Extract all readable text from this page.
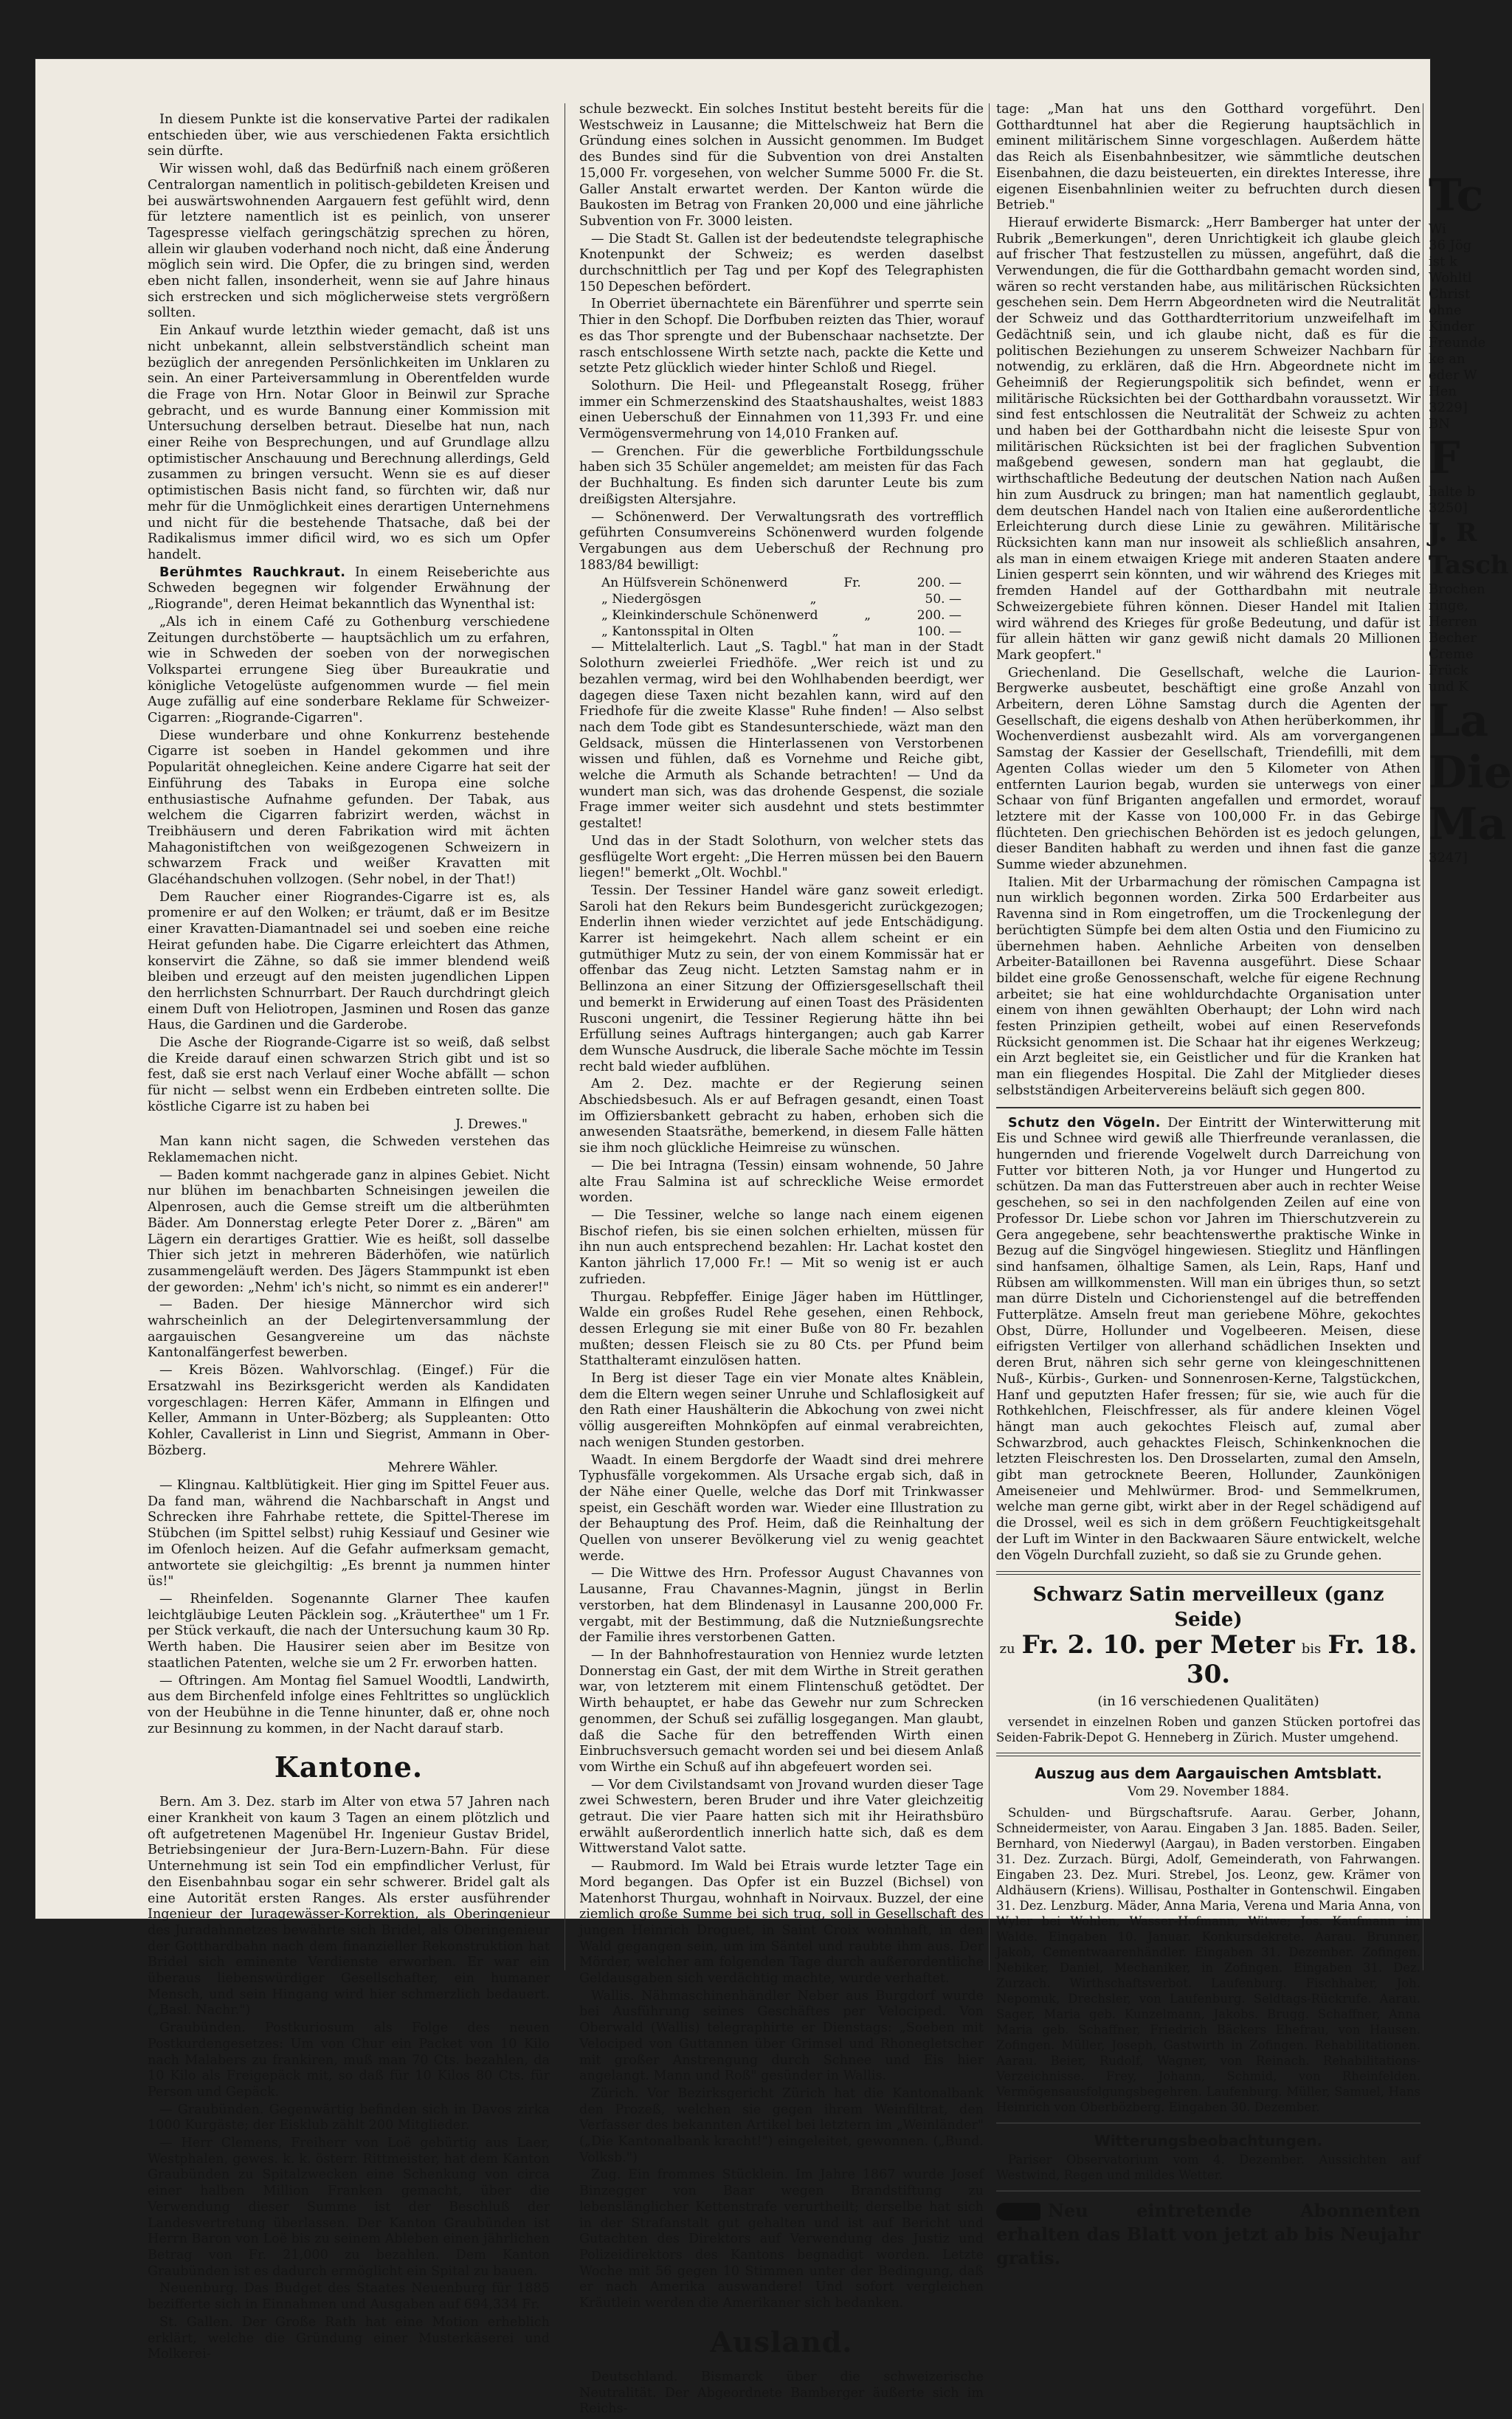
In diesem Punkte ist die konservative Partei der radikalen entschieden über, wie aus verschiedenen Fakta ersichtlich sein dürfte.

Wir wissen wohl, daß das Bedürfniß nach einem größeren Centralorgan namentlich in politisch-gebildeten Kreisen und bei auswärtswohnenden Aargauern fest gefühlt wird, denn für letztere namentlich ist es peinlich, von unserer Tagespresse vielfach geringschätzig sprechen zu hören, allein wir glauben voderhand noch nicht, daß eine Änderung möglich sein wird. Die Opfer, die zu bringen sind, werden eben nicht fallen, insonderheit, wenn sie auf Jahre hinaus sich erstrecken und sich möglicherweise stets vergrößern sollten.

Ein Ankauf wurde letzthin wieder gemacht, daß ist uns nicht unbekannt, allein selbstverständlich scheint man bezüglich der anregenden Persönlichkeiten im Unklaren zu sein. An einer Parteiversammlung in Oberentfelden wurde die Frage von Hrn. Notar Gloor in Beinwil zur Sprache gebracht, und es wurde Bannung einer Kommission mit Untersuchung derselben betraut. Dieselbe hat nun, nach einer Reihe von Besprechungen, und auf Grundlage allzu optimistischer Anschauung und Berechnung allerdings, Geld zusammen zu bringen versucht. Wenn sie es auf dieser optimistischen Basis nicht fand, so fürchten wir, daß nur mehr für die Unmöglichkeit eines derartigen Unternehmens und nicht für die bestehende Thatsache, daß bei der Radikalismus immer dificil wird, wo es sich um Opfer handelt.

Berühmtes Rauchkraut. In einem Reiseberichte aus Schweden begegnen wir folgender Erwähnung der „Riogrande", deren Heimat bekanntlich das Wynenthal ist:

„Als ich in einem Café zu Gothenburg verschiedene Zeitungen durchstöberte — hauptsächlich um zu erfahren, wie in Schweden der soeben von der norwegischen Volkspartei errungene Sieg über Bureaukratie und königliche Vetogelüste aufgenommen wurde — fiel mein Auge zufällig auf eine sonderbare Reklame für Schweizer-Cigarren: „Riogrande-Cigarren".

Diese wunderbare und ohne Konkurrenz bestehende Cigarre ist soeben in Handel gekommen und ihre Popularität ohnegleichen. Keine andere Cigarre hat seit der Einführung des Tabaks in Europa eine solche enthusiastische Aufnahme gefunden. Der Tabak, aus welchem die Cigarren fabrizirt werden, wächst in Treibhäusern und deren Fabrikation wird mit ächten Mahagonistiftchen von weißgezogenen Schweizern in schwarzem Frack und weißer Kravatten mit Glacéhandschuhen vollzogen. (Sehr nobel, in der That!)

Dem Raucher einer Riograndes-Cigarre ist es, als promenire er auf den Wolken; er träumt, daß er im Besitze einer Kravatten-Diamantnadel sei und soeben eine reiche Heirat gefunden habe. Die Cigarre erleichtert das Athmen, konservirt die Zähne, so daß sie immer blendend weiß bleiben und erzeugt auf den meisten jugendlichen Lippen den herrlichsten Schnurrbart. Der Rauch durchdringt gleich einem Duft von Heliotropen, Jasminen und Rosen das ganze Haus, die Gardinen und die Garderobe.

Die Asche der Riogrande-Cigarre ist so weiß, daß selbst die Kreide darauf einen schwarzen Strich gibt und ist so fest, daß sie erst nach Verlauf einer Woche abfällt — schon für nicht — selbst wenn ein Erdbeben eintreten sollte. Die köstliche Cigarre ist zu haben bei

J. Drewes."

Man kann nicht sagen, die Schweden verstehen das Reklamemachen nicht.

— Baden kommt nachgerade ganz in alpines Gebiet. Nicht nur blühen im benachbarten Schneisingen jeweilen die Alpenrosen, auch die Gemse streift um die altberühmten Bäder. Am Donnerstag erlegte Peter Dorer z. „Bären" am Lägern ein derartiges Grattier. Wie es heißt, soll dasselbe Thier sich jetzt in mehreren Bäderhöfen, wie natürlich zusammengeläuft werden. Des Jägers Stammpunkt ist eben der geworden: „Nehm' ich's nicht, so nimmt es ein anderer!"

— Baden. Der hiesige Männerchor wird sich wahrscheinlich an der Delegirtenversammlung der aargauischen Gesangvereine um das nächste Kantonalfängerfest bewerben.

— Kreis Bözen. Wahlvorschlag. (Eingef.) Für die Ersatzwahl ins Bezirksgericht werden als Kandidaten vorgeschlagen: Herren Käfer, Ammann in Elfingen und Keller, Ammann in Unter-Bözberg; als Suppleanten: Otto Kohler, Cavallerist in Linn und Siegrist, Ammann in Ober-Bözberg.

Mehrere Wähler.

— Klingnau. Kaltblütigkeit. Hier ging im Spittel Feuer aus. Da fand man, während die Nachbarschaft in Angst und Schrecken ihre Fahrhabe rettete, die Spittel-Therese im Stübchen (im Spittel selbst) ruhig Kessiauf und Gesiner wie im Ofenloch heizen. Auf die Gefahr aufmerksam gemacht, antwortete sie gleichgiltig: „Es brennt ja nummen hinter üs!"

— Rheinfelden. Sogenannte Glarner Thee kaufen leichtgläubige Leuten Päcklein sog. „Kräuterthee" um 1 Fr. per Stück verkauft, die nach der Untersuchung kaum 30 Rp. Werth haben. Die Hausirer seien aber im Besitze von staatlichen Patenten, welche sie um 2 Fr. erworben hatten.

— Oftringen. Am Montag fiel Samuel Woodtli, Landwirth, aus dem Birchenfeld infolge eines Fehltrittes so unglücklich von der Heubühne in die Tenne hinunter, daß er, ohne noch zur Besinnung zu kommen, in der Nacht darauf starb.

Kantone.

Bern. Am 3. Dez. starb im Alter von etwa 57 Jahren nach einer Krankheit von kaum 3 Tagen an einem plötzlich und oft aufgetretenen Magenübel Hr. Ingenieur Gustav Bridel, Betriebsingenieur der Jura-Bern-Luzern-Bahn. Für diese Unternehmung ist sein Tod ein empfindlicher Verlust, für den Eisenbahnbau sogar ein sehr schwerer. Bridel galt als eine Autorität ersten Ranges. Als erster ausführender Ingenieur der Juragewässer-Korrektion, als Oberingenieur des Juradahnnetzes bewährte sich Bridel, als Oberingenieur der Gotthardbahn nach dem finanzieller Rekonstruktion hat Bridel sich eminente Verdienste erworben. Er war ein überaus liebenswürdiger Gesellschafter, ein humaner Mensch, und sein Hingang wird hier schmerzlich bedauert. („Basl. Nachr.")

Graubünden. Postkuriosum als Folge des neuen Postkurdengesetzes: Um von Chur ein Packet von 10 Kilo nach Malabers zu frankiren, muß man 70 Cts. bezahlen, da 10 Kilo als Freigepäck mit, so daß für 10 Kilos 80 Cts. für Person und Gepäck.

— Graubünden. Gegenwärtig befinden sich in Davos zirka 1000 Kurgäste; der Eisklub zählt 200 Mitglieder.

— Herr Clemens, Freiherr von Loë gebürtig aus Laer, Westphalen, gewes. k. k. österr. Rittmeister, hat dem Kanton Graubünden zu Spitalzwecken eine Schenkung von circa einer halben Million Franken gemacht, über die Verwendung dieser Summe ist der Beschluß der Landesvertretung überlassen. Der Kanton Graubünden ist Herrn Baron von Loë bis zu seinem Ableben einen jährlichen Betrag von Fr. 21,000 zu bezahlen. Dem Kanton Graubünden ist es dadurch ermöglicht ein Spital zu bauen.

Neuenburg. Das Budget des Staates Neuenburg für 1885 bezifferte sich in Einnahmen und Ausgaben auf 694,334 Fr.

St. Gallen. Der Große Rath hat eine Motion erheblich erklärt, welche die Gründung einer Musterkäserei und Molkerei-

schule bezweckt. Ein solches Institut besteht bereits für die Westschweiz in Lausanne; die Mittelschweiz hat Bern die Gründung eines solchen in Aussicht genommen. Im Budget des Bundes sind für die Subvention von drei Anstalten 15,000 Fr. vorgesehen, von welcher Summe 5000 Fr. die St. Galler Anstalt erwartet werden. Der Kanton würde die Baukosten im Betrag von Franken 20,000 und eine jährliche Subvention von Fr. 3000 leisten.

— Die Stadt St. Gallen ist der bedeutendste telegraphische Knotenpunkt der Schweiz; es werden daselbst durchschnittlich per Tag und per Kopf des Telegraphisten 150 Depeschen befördert.

In Oberriet übernachtete ein Bärenführer und sperrte sein Thier in den Schopf. Die Dorfbuben reizten das Thier, worauf es das Thor sprengte und der Bubenschaar nachsetzte. Der rasch entschlossene Wirth setzte nach, packte die Kette und setzte Petz glücklich wieder hinter Schloß und Riegel.

Solothurn. Die Heil- und Pflegeanstalt Rosegg, früher immer ein Schmerzenskind des Staatshaushaltes, weist 1883 einen Ueberschuß der Einnahmen von 11,393 Fr. und eine Vermögensvermehrung von 14,010 Franken auf.

— Grenchen. Für die gewerbliche Fortbildungsschule haben sich 35 Schüler angemeldet; am meisten für das Fach der Buchhaltung. Es finden sich darunter Leute bis zum dreißigsten Altersjahre.

— Schönenwerd. Der Verwaltungsrath des vortrefflich geführten Consumvereins Schönenwerd wurden folgende Vergabungen aus dem Ueberschuß der Rechnung pro 1883/84 bewilligt:

An Hülfsverein Schönenwerd	Fr.	200. —
„ Niedergösgen	„	50. —
„ Kleinkinderschule Schönenwerd	„	200. —
„ Kantonsspital in Olten	„	100. —

— Mittelalterlich. Laut „S. Tagbl." hat man in der Stadt Solothurn zweierlei Friedhöfe. „Wer reich ist und zu bezahlen vermag, wird bei den Wohlhabenden beerdigt, wer dagegen diese Taxen nicht bezahlen kann, wird auf den Friedhofe für die zweite Klasse" Ruhe finden! — Also selbst nach dem Tode gibt es Standesunterschiede, wäzt man den Geldsack, müssen die Hinterlassenen von Verstorbenen wissen und fühlen, daß es Vornehme und Reiche gibt, welche die Armuth als Schande betrachten! — Und da wundert man sich, was das drohende Gespenst, die soziale Frage immer weiter sich ausdehnt und stets bestimmter gestaltet!

Und das in der Stadt Solothurn, von welcher stets das gesflügelte Wort ergeht: „Die Herren müssen bei den Bauern liegen!" bemerkt „Olt. Wochbl."

Tessin. Der Tessiner Handel wäre ganz soweit erledigt. Saroli hat den Rekurs beim Bundesgericht zurückgezogen; Enderlin ihnen wieder verzichtet auf jede Entschädigung. Karrer ist heimgekehrt. Nach allem scheint er ein gutmüthiger Mutz zu sein, der von einem Kommissär hat er offenbar das Zeug nicht. Letzten Samstag nahm er in Bellinzona an einer Sitzung der Offiziersgesellschaft theil und bemerkt in Erwiderung auf einen Toast des Präsidenten Rusconi ungenirt, die Tessiner Regierung hätte ihn bei Erfüllung seines Auftrags hintergangen; auch gab Karrer dem Wunsche Ausdruck, die liberale Sache möchte im Tessin recht bald wieder aufblühen.

Am 2. Dez. machte er der Regierung seinen Abschiedsbesuch. Als er auf Befragen gesandt, einen Toast im Offiziersbankett gebracht zu haben, erhoben sich die anwesenden Staatsräthe, bemerkend, in diesem Falle hätten sie ihm noch glückliche Heimreise zu wünschen.

— Die bei Intragna (Tessin) einsam wohnende, 50 Jahre alte Frau Salmina ist auf schreckliche Weise ermordet worden.

— Die Tessiner, welche so lange nach einem eigenen Bischof riefen, bis sie einen solchen erhielten, müssen für ihn nun auch entsprechend bezahlen: Hr. Lachat kostet den Kanton jährlich 17,000 Fr.! — Mit so wenig ist er auch zufrieden.

Thurgau. Rebpfeffer. Einige Jäger haben im Hüttlinger, Walde ein großes Rudel Rehe gesehen, einen Rehbock, dessen Erlegung sie mit einer Buße von 80 Fr. bezahlen mußten; dessen Fleisch sie zu 80 Cts. per Pfund beim Statthalteramt einzulösen hatten.

In Berg ist dieser Tage ein vier Monate altes Knäblein, dem die Eltern wegen seiner Unruhe und Schlaflosigkeit auf den Rath einer Haushälterin die Abkochung von zwei nicht völlig ausgereiften Mohnköpfen auf einmal verabreichten, nach wenigen Stunden gestorben.

Waadt. In einem Bergdorfe der Waadt sind drei mehrere Typhusfälle vorgekommen. Als Ursache ergab sich, daß in der Nähe einer Quelle, welche das Dorf mit Trinkwasser speist, ein Geschäft worden war. Wieder eine Illustration zu der Behauptung des Prof. Heim, daß die Reinhaltung der Quellen von unserer Bevölkerung viel zu wenig geachtet werde.

— Die Wittwe des Hrn. Professor August Chavannes von Lausanne, Frau Chavannes-Magnin, jüngst in Berlin verstorben, hat dem Blindenasyl in Lausanne 200,000 Fr. vergabt, mit der Bestimmung, daß die Nutznießungsrechte der Familie ihres verstorbenen Gatten.

— In der Bahnhofrestauration von Henniez wurde letzten Donnerstag ein Gast, der mit dem Wirthe in Streit gerathen war, von letzterem mit einem Flintenschuß getödtet. Der Wirth behauptet, er habe das Gewehr nur zum Schrecken genommen, der Schuß sei zufällig losgegangen. Man glaubt, daß die Sache für den betreffenden Wirth einen Einbruchsversuch gemacht worden sei und bei diesem Anlaß vom Wirthe ein Schuß auf ihn abgefeuert worden sei.

— Vor dem Civilstandsamt von Jrovand wurden dieser Tage zwei Schwestern, beren Bruder und ihre Vater gleichzeitig getraut. Die vier Paare hatten sich mit ihr Heirathsbüro erwählt außerordentlich innerlich hatte sich, daß es dem Wittwerstand Valot satte.

— Raubmord. Im Wald bei Etrais wurde letzter Tage ein Mord begangen. Das Opfer ist ein Buzzel (Bichsel) von Matenhorst Thurgau, wohnhaft in Noirvaux. Buzzel, der eine ziemlich große Summe bei sich trug, soll in Gesellschaft des jungen Heinrich Droguet, in Saint Croix wohnhaft, in den Wald gegangen sein, um im Säntel und raubte ihm aus. Der Mörder, welcher am folgenden Tage durch außerordentliche Geldausgaben sich verdächtig machte, wurde verhaftet.

Wallis. Nähmaschinenhändler Neber aus Burgdorf wurde bei Ausführung seines Geschäftes per Velociped. Von Oberwald (Wallis) telegraphirte er Dienstags: „Soeben mit Velociped von Guttannen über Grimsel und Rhonegletscher mit großer Anstrengung durch Schnee und Eis hier angelangt. Mann und Roß" gesünder in Wallis.

Zürich. Vor Bezirksgericht Zürich hat die Kantonalbank den Prozeß, welchen sie gegen ihrem Weinfiltrat, den Verfasser des bekannten Artikel bei letztern im „Weinländer" („Die Kantonalbank kracht!") eingeleitet, gewonnen. („Bund. Volksb.")

Zug. Ein frommes Stücklein. Im Jahre 1867 wurde Josef Binzegger von Baar wegen Brandstiftung zu lebenslänglicher Kettenstrafe verurtheilt; derselbe hat sich in der Strafanstalt gut gehalten und ist auf Bericht und Gutachten des Direktors auf Verwendung des Justiz und Polizeidirektors des Kantons begnadigt worden. Letzte Woche mit 56 gegen 10 Stimmen unter der Bedingung, daß er nach Amerika auswandere! Und sofort vergleichen Kräutlein werden die Amerikaner sich bedanken.

Ausland.

Deutschland. Bismarck über die schweizerische Neutralität. Der Abgeordnete Bamberger äußerte sich im Reichs-

tage: „Man hat uns den Gotthard vorgeführt. Den Gotthardtunnel hat aber die Regierung hauptsächlich in eminent militärischem Sinne vorgeschlagen. Außerdem hätte das Reich als Eisenbahnbesitzer, wie sämmtliche deutschen Eisenbahnen, die dazu beisteuerten, ein direktes Interesse, ihre eigenen Eisenbahnlinien weiter zu befruchten durch diesen Betrieb."

Hierauf erwiderte Bismarck: „Herr Bamberger hat unter der Rubrik „Bemerkungen", deren Unrichtigkeit ich glaube gleich auf frischer That festzustellen zu müssen, angeführt, daß die Verwendungen, die für die Gotthardbahn gemacht worden sind, wären so recht verstanden habe, aus militärischen Rücksichten geschehen sein. Dem Herrn Abgeordneten wird die Neutralität der Schweiz und das Gotthardterritorium unzweifelhaft im Gedächtniß sein, und ich glaube nicht, daß es für die politischen Beziehungen zu unserem Schweizer Nachbarn für notwendig, zu erklären, daß die Hrn. Abgeordnete nicht im Geheimniß der Regierungspolitik sich befindet, wenn er militärische Rücksichten bei der Gotthardbahn voraussetzt. Wir sind fest entschlossen die Neutralität der Schweiz zu achten und haben bei der Gotthardbahn nicht die leiseste Spur von militärischen Rücksichten ist bei der fraglichen Subvention maßgebend gewesen, sondern man hat geglaubt, die wirthschaftliche Bedeutung der deutschen Nation nach Außen hin zum Ausdruck zu bringen; man hat namentlich geglaubt, dem deutschen Handel nach von Italien eine außerordentliche Erleichterung durch diese Linie zu gewähren. Militärische Rücksichten kann man nur insoweit als schließlich ansahren, als man in einem etwaigen Kriege mit anderen Staaten andere Linien gesperrt sein könnten, und wir während des Krieges mit fremden Handel auf der Gotthardbahn mit neutrale Schweizergebiete führen können. Dieser Handel mit Italien wird während des Krieges für große Bedeutung, und dafür ist für allein hätten wir ganz gewiß nicht damals 20 Millionen Mark geopfert."

Griechenland. Die Gesellschaft, welche die Laurion-Bergwerke ausbeutet, beschäftigt eine große Anzahl von Arbeitern, deren Löhne Samstag durch die Agenten der Gesellschaft, die eigens deshalb von Athen herüberkommen, ihr Wochenverdienst ausbezahlt wird. Als am vorvergangenen Samstag der Kassier der Gesellschaft, Triendefilli, mit dem Agenten Collas wieder um den 5 Kilometer von Athen entfernten Laurion begab, wurden sie unterwegs von einer Schaar von fünf Briganten angefallen und ermordet, worauf letztere mit der Kasse von 100,000 Fr. in das Gebirge flüchteten. Den griechischen Behörden ist es jedoch gelungen, dieser Banditen habhaft zu werden und ihnen fast die ganze Summe wieder abzunehmen.

Italien. Mit der Urbarmachung der römischen Campagna ist nun wirklich begonnen worden. Zirka 500 Erdarbeiter aus Ravenna sind in Rom eingetroffen, um die Trockenlegung der berüchtigten Sümpfe bei dem alten Ostia und den Fiumicino zu übernehmen haben. Aehnliche Arbeiten von denselben Arbeiter-Bataillonen bei Ravenna ausgeführt. Diese Schaar bildet eine große Genossenschaft, welche für eigene Rechnung arbeitet; sie hat eine wohldurchdachte Organisation unter einem von ihnen gewählten Oberhaupt; der Lohn wird nach festen Prinzipien getheilt, wobei auf einen Reservefonds Rücksicht genommen ist. Die Schaar hat ihr eigenes Werkzeug; ein Arzt begleitet sie, ein Geistlicher und für die Kranken hat man ein fliegendes Hospital. Die Zahl der Mitglieder dieses selbstständigen Arbeitervereins beläuft sich gegen 800.

Schutz den Vögeln. Der Eintritt der Winterwitterung mit Eis und Schnee wird gewiß alle Thierfreunde veranlassen, die hungernden und frierende Vogelwelt durch Darreichung von Futter vor bitteren Noth, ja vor Hunger und Hungertod zu schützen. Da man das Futterstreuen aber auch in rechter Weise geschehen, so sei in den nachfolgenden Zeilen auf eine von Professor Dr. Liebe schon vor Jahren im Thierschutzverein zu Gera angegebene, sehr beachtenswerthe praktische Winke in Bezug auf die Singvögel hingewiesen. Stieglitz und Hänflingen sind hanfsamen, ölhaltige Samen, als Lein, Raps, Hanf und Rübsen am willkommensten. Will man ein übriges thun, so setzt man dürre Disteln und Cichorienstengel auf die betreffenden Futterplätze. Amseln freut man geriebene Möhre, gekochtes Obst, Dürre, Hollunder und Vogelbeeren. Meisen, diese eifrigsten Vertilger von allerhand schädlichen Insekten und deren Brut, nähren sich sehr gerne von kleingeschnittenen Nuß-, Kürbis-, Gurken- und Sonnenrosen-Kerne, Talgstückchen, Hanf und geputzten Hafer fressen; für sie, wie auch für die Rothkehlchen, Fleischfresser, als für andere kleinen Vögel hängt man auch gekochtes Fleisch auf, zumal aber Schwarzbrod, auch gehacktes Fleisch, Schinkenknochen die letzten Fleischresten los. Den Drosselarten, zumal den Amseln, gibt man getrocknete Beeren, Hollunder, Zaunkönigen Ameiseneier und Mehlwürmer. Brod- und Semmelkrumen, welche man gerne gibt, wirkt aber in der Regel schädigend auf die Drossel, weil es sich in dem größern Feuchtigkeitsgehalt der Luft im Winter in den Backwaaren Säure entwickelt, welche den Vögeln Durchfall zuzieht, so daß sie zu Grunde gehen.

Schwarz Satin merveilleux (ganz Seide)
zu Fr. 2. 10. per Meter bis Fr. 18. 30.
(in 16 verschiedenen Qualitäten)

versendet in einzelnen Roben und ganzen Stücken portofrei das Seiden-Fabrik-Depot G. Henneberg in Zürich. Muster umgehend.

Auszug aus dem Aargauischen Amtsblatt.
Vom 29. November 1884.

Schulden- und Bürgschaftsrufe. Aarau. Gerber, Johann, Schneidermeister, von Aarau. Eingaben 3 Jan. 1885. Baden. Seiler, Bernhard, von Niederwyl (Aargau), in Baden verstorben. Eingaben 31. Dez. Zurzach. Bürgi, Adolf, Gemeinderath, von Fahrwangen. Eingaben 23. Dez. Muri. Strebel, Jos. Leonz, gew. Krämer von Aldhäusern (Kriens). Willisau, Posthalter in Gontenschwil. Eingaben 31. Dez. Lenzburg. Mäder, Anna Maria, Verena und Maria Anna, von Wyler bei Wohlen, Wasser-Hofmann, Witwe; Jos. Kaufmann im Walde. Eingaben 10. Januar. Konkursdekrete. Aarau. Brunner, Jakob, Cementwaarenhändler. Eingaben 31. Dezember. Zofingen. Nebiker, Daniel, Mechaniker, in Zofingen. Eingaben 31. Dez. Zurzach. Wirthschaftsverbot. Laufenburg. Fischhaber, Joh. Nepomuk, Drechsler, von Laufenburg. Seldtags-Rückrufe. Aarau. Sager, Maria geb. Kunzelmann, Jakobs. Brugg. Schaffner, Anna Maria geb. Schaffner, Friedrich Bäckers Ehefrau, von Hausen. Zofingen. Müller, Joseph, Gastwirth in Zofingen. Rehabilitationen. Aarau. Beier, Rudolf, Wagner, von Reinach. Rehabilitations-Verzeichnisse. Frey, Johann, Schmid, von Rheinfelden. Vermögensausfolgungsbegehren. Laufenburg. Müller, Samuel, Hans Heinrich von Oberbözberg. Eingaben 30. Dezember.

Witterungsbeobachtungen.

Pariser Observatorium vom 4. Dezember. Aussichten auf Westwind, Regen und mildes Wetter.

Neu eintretende Abonnenten erhalten das Blatt von jetzt ab bis Neujahr gratis.

Tc
Wi
36 Jög
ist k
Wohltl
Christ
ohne
Kinder
Freunde
ke an
eder W
Hen
3229]
BN
F
halte b
3250]
J. R
Tasch
Brochen
ringe,
Herren
Becher
Creme
Frück
und K
La
Die
Ma
3247]
